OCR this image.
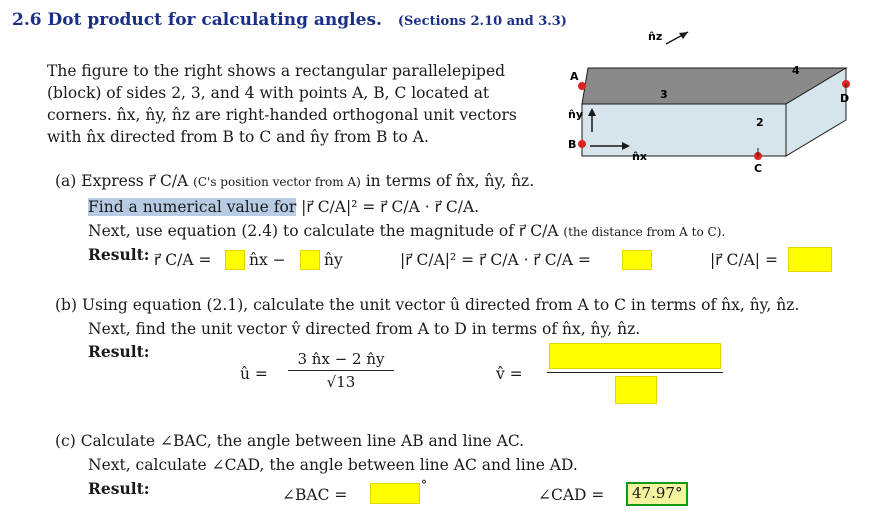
2.6 Dot product for calculating angles. (Sections 2.10 and 3.3)
The figure to the right shows a rectangular parallelepiped
(block) of sides 2, 3, and 4 with points A, B, C located at
corners. n̂x, n̂y, n̂z are right-handed orthogonal unit vectors
with n̂x directed from B to C and n̂y from B to A.
n̂z
n̂y
n̂x
A
B
C
D
3
4
2
(a) Express r⃗ C/A (C's position vector from A) in terms of n̂x, n̂y, n̂z.
Find a numerical value for |r⃗ C/A|² = r⃗ C/A · r⃗ C/A.
Next, use equation (2.4) to calculate the magnitude of r⃗ C/A (the distance from A to C).
Result: r⃗ C/A = n̂x − n̂y	|r⃗ C/A|² = r⃗ C/A · r⃗ C/A =	|r⃗ C/A| =
(b) Using equation (2.1), calculate the unit vector û directed from A to C in terms of n̂x, n̂y, n̂z.
Next, find the unit vector v̂ directed from A to D in terms of n̂x, n̂y, n̂z.
Result:
û =
3 n̂x − 2 n̂y
√13	v̂ =
(c) Calculate ∠BAC, the angle between line AB and line AC.
Next, calculate ∠CAD, the angle between line AC and line AD.
Result:	∠BAC =
°
∠CAD =	47.97°
